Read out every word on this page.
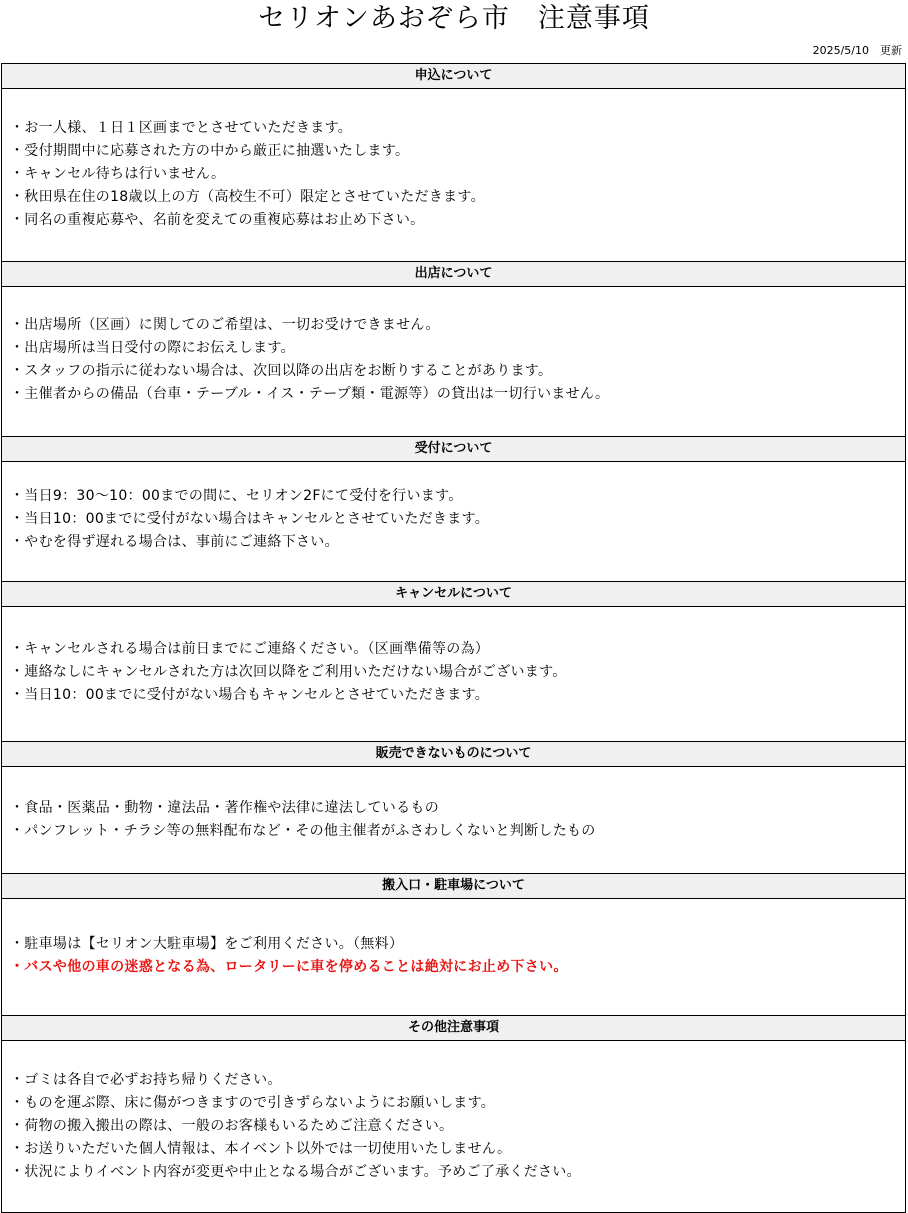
セリオンあおぞら市　注意事項
2025/5/10　更新
申込について
・お一人様、１日１区画までとさせていただきます。
・受付期間中に応募された方の中から厳正に抽選いたします。
・キャンセル待ちは行いません。
・秋田県在住の18歳以上の方（高校生不可）限定とさせていただきます。
・同名の重複応募や、名前を変えての重複応募はお止め下さい。
出店について
・出店場所（区画）に関してのご希望は、一切お受けできません。
・出店場所は当日受付の際にお伝えします。
・スタッフの指示に従わない場合は、次回以降の出店をお断りすることがあります。
・主催者からの備品（台車・テーブル・イス・テープ類・電源等）の貸出は一切行いません。
受付について
・当日9：30～10：00までの間に、セリオン2Fにて受付を行います。
・当日10：00までに受付がない場合はキャンセルとさせていただきます。
・やむを得ず遅れる場合は、事前にご連絡下さい。
キャンセルについて
・キャンセルされる場合は前日までにご連絡ください。（区画準備等の為）
・連絡なしにキャンセルされた方は次回以降をご利用いただけない場合がございます。
・当日10：00までに受付がない場合もキャンセルとさせていただきます。
販売できないものについて
・食品・医薬品・動物・違法品・著作権や法律に違法しているもの
・パンフレット・チラシ等の無料配布など・その他主催者がふさわしくないと判断したもの
搬入口・駐車場について
・駐車場は【セリオン大駐車場】をご利用ください。（無料）
・バスや他の車の迷惑となる為、ロータリーに車を停めることは絶対にお止め下さい。
その他注意事項
・ゴミは各自で必ずお持ち帰りください。
・ものを運ぶ際、床に傷がつきますので引きずらないようにお願いします。
・荷物の搬入搬出の際は、一般のお客様もいるためご注意ください。
・お送りいただいた個人情報は、本イベント以外では一切使用いたしません。
・状況によりイベント内容が変更や中止となる場合がございます。予めご了承ください。
